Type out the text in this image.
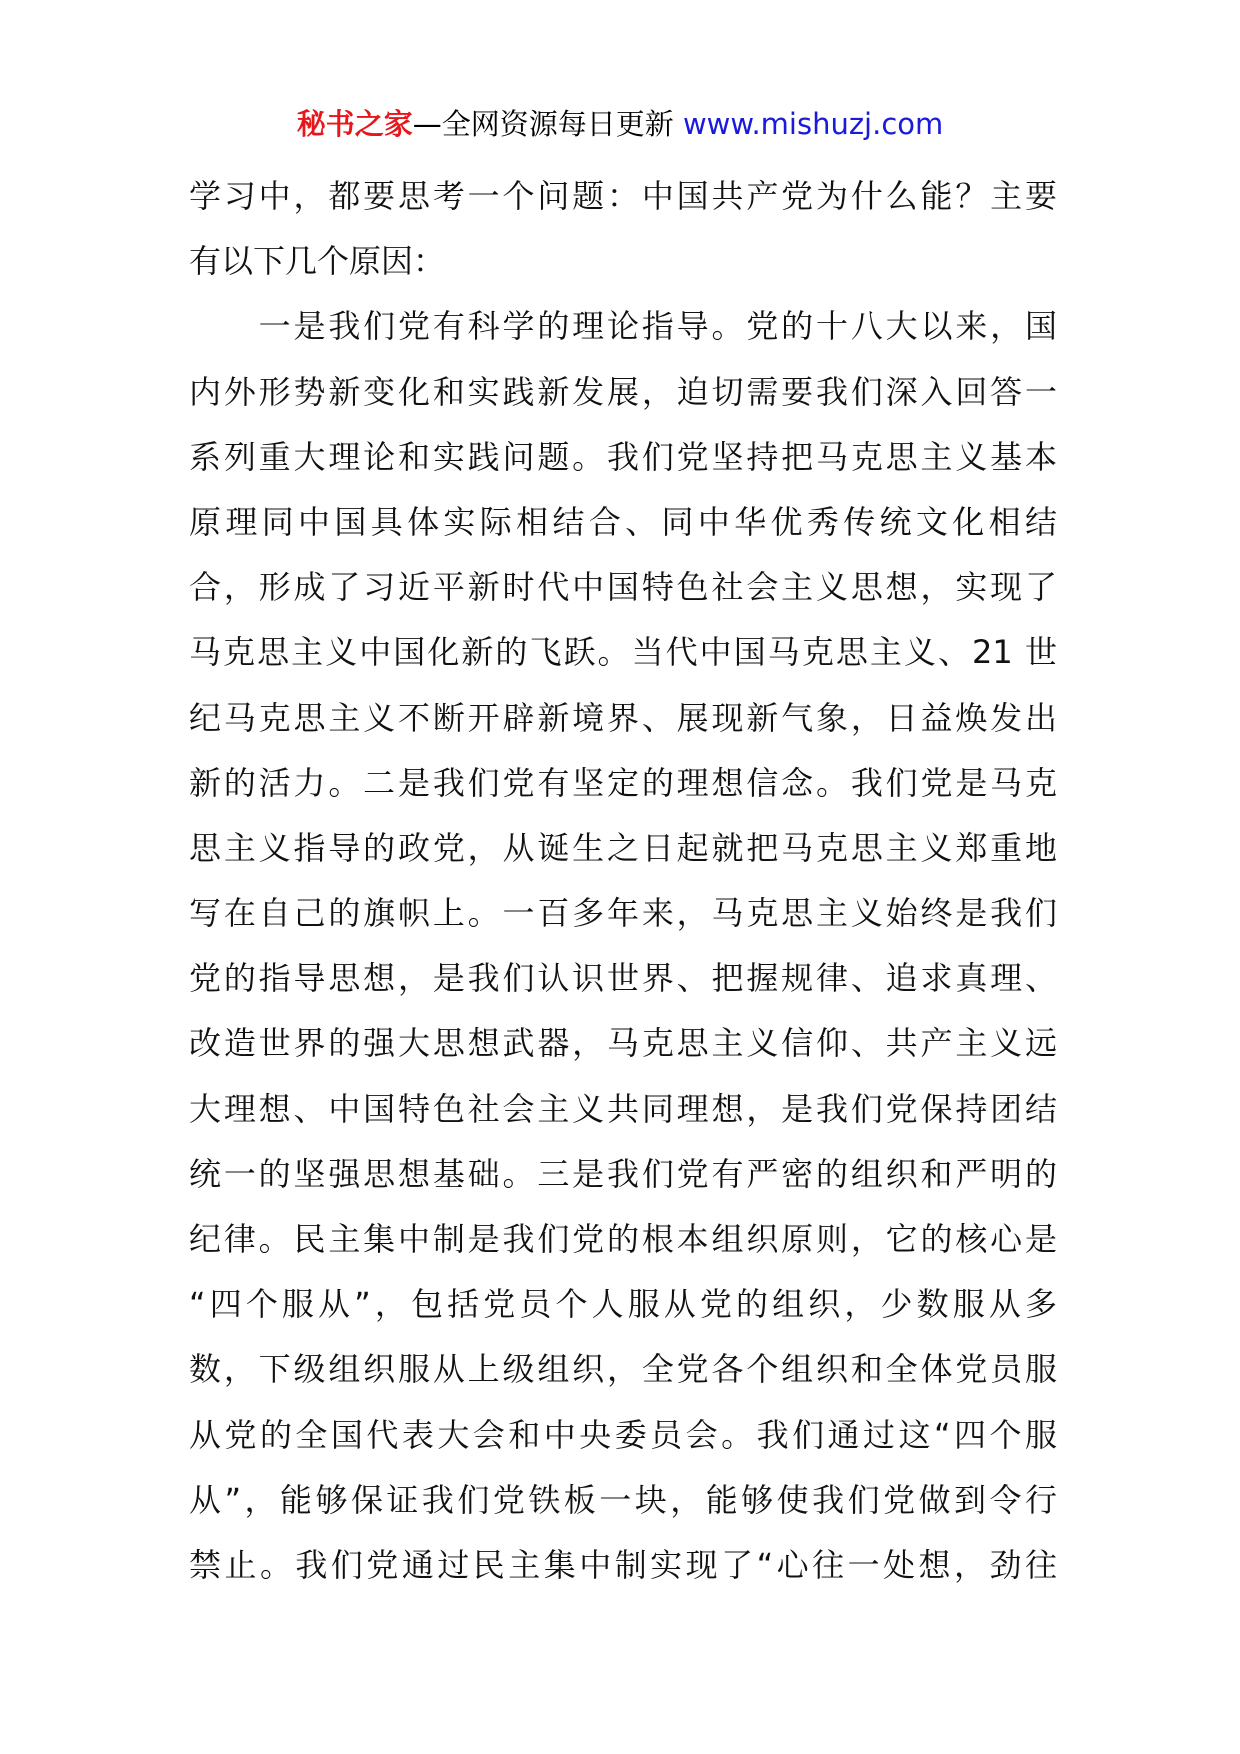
秘书之家—全网资源每日更新 www.mishuzj.com
学习中，都要思考一个问题：中国共产党为什么能？主要
有以下几个原因：
　　一是我们党有科学的理论指导。党的十八大以来，国
内外形势新变化和实践新发展，迫切需要我们深入回答一
系列重大理论和实践问题。我们党坚持把马克思主义基本
原理同中国具体实际相结合、同中华优秀传统文化相结
合，形成了习近平新时代中国特色社会主义思想，实现了
马克思主义中国化新的飞跃。当代中国马克思主义、21 世
纪马克思主义不断开辟新境界、展现新气象，日益焕发出
新的活力。二是我们党有坚定的理想信念。我们党是马克
思主义指导的政党，从诞生之日起就把马克思主义郑重地
写在自己的旗帜上。一百多年来，马克思主义始终是我们
党的指导思想，是我们认识世界、把握规律、追求真理、
改造世界的强大思想武器，马克思主义信仰、共产主义远
大理想、中国特色社会主义共同理想，是我们党保持团结
统一的坚强思想基础。三是我们党有严密的组织和严明的
纪律。民主集中制是我们党的根本组织原则，它的核心是
“四个服从”，包括党员个人服从党的组织，少数服从多
数，下级组织服从上级组织，全党各个组织和全体党员服
从党的全国代表大会和中央委员会。我们通过这“四个服
从”，能够保证我们党铁板一块，能够使我们党做到令行
禁止。我们党通过民主集中制实现了“心往一处想，劲往
